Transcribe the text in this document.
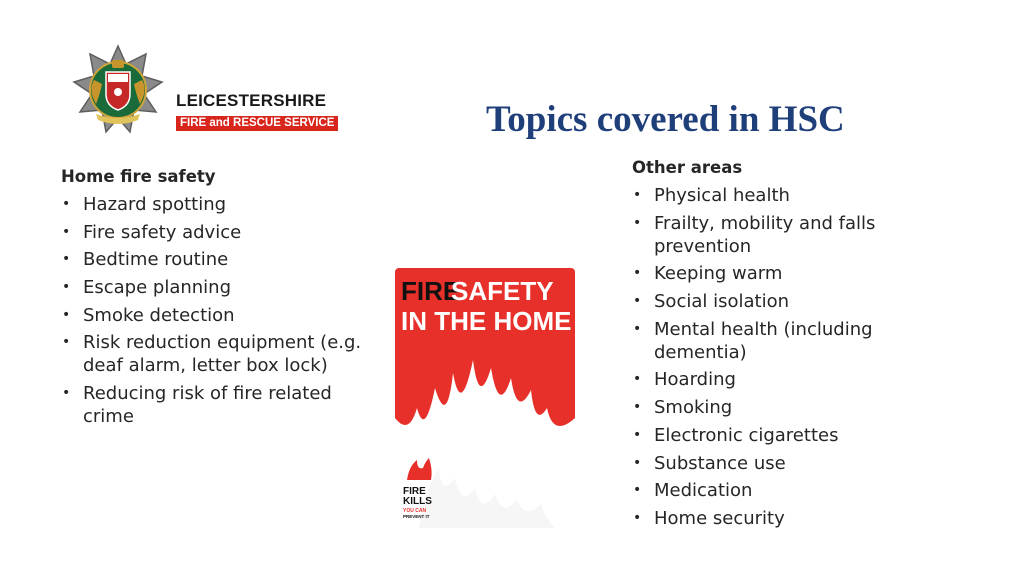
LEICESTERSHIRE
FIRE and RESCUE SERVICE	Topics covered in HSC
Home fire safety
• Hazard spotting
• Fire safety advice
• Bedtime routine
• Escape planning
• Smoke detection
• Risk reduction equipment (e.g. deaf alarm, letter box lock)
• Reducing risk of fire related crime
FIRE
SAFETY
IN THE HOME
FIRE
KILLS
YOU CAN
PREVENT IT
Other areas
• Physical health
• Frailty, mobility and falls prevention
• Keeping warm
• Social isolation
• Mental health (including dementia)
• Hoarding
• Smoking
• Electronic cigarettes
• Substance use
• Medication
• Home security
